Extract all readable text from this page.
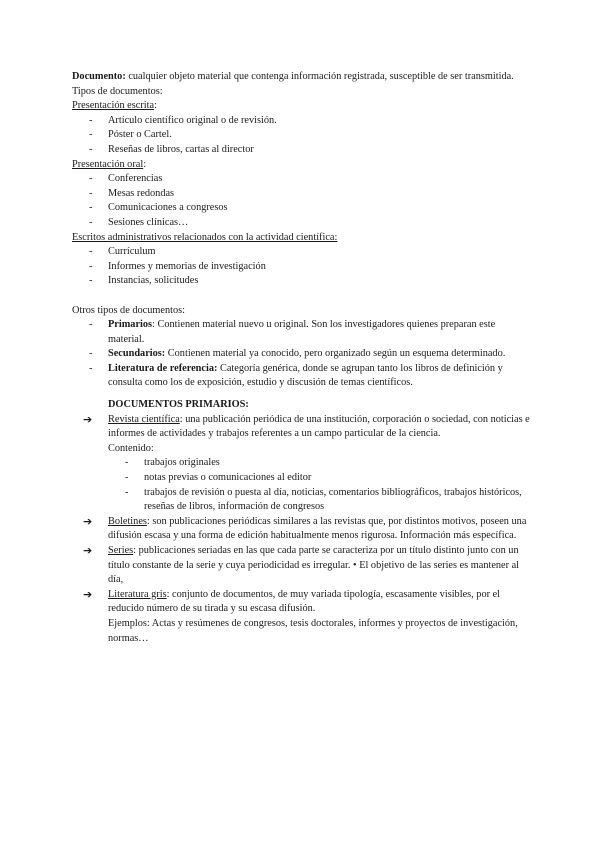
Documento: cualquier objeto material que contenga información registrada, susceptible de ser transmitida.
Tipos de documentos:
Presentación escrita:
- Artículo científico original o de revisión.
- Póster o Cartel.
- Reseñas de libros, cartas al director
Presentación oral:
- Conferencias
- Mesas redondas
- Comunicaciones a congresos
- Sesiones clínicas…
Escritos administrativos relacionados con la actividad científica:
- Currículum
- Informes y memorias de investigación
- Instancias, solicitudes
Otros tipos de documentos:
- Primarios: Contienen material nuevo u original. Son los investigadores quienes preparan este material.
- Secundarios: Contienen material ya conocido, pero organizado según un esquema determinado.
- Literatura de referencia: Categoría genérica, donde se agrupan tanto los libros de definición y consulta como los de exposición, estudio y discusión de temas científicos.
DOCUMENTOS PRIMARIOS:
➔ Revista científica: una publicación periódica de una institución, corporación o sociedad, con noticias e informes de actividades y trabajos referentes a un campo particular de la ciencia.
Contenido:
- trabajos originales
- notas previas o comunicaciones al editor
- trabajos de revisión o puesta al día, noticias, comentarios bibliográficos, trabajos históricos, reseñas de libros, información de congresos
➔ Boletines: son publicaciones periódicas similares a las revistas que, por distintos motivos, poseen una difusión escasa y una forma de edición habitualmente menos rigurosa. Información más específica.
➔ Series: publicaciones seriadas en las que cada parte se caracteriza por un título distinto junto con un título constante de la serie y cuya periodicidad es irregular. • El objetivo de las series es mantener al día,
➔ Literatura gris: conjunto de documentos, de muy variada tipología, escasamente visibles, por el reducido número de su tirada y su escasa difusión.
Ejemplos: Actas y resúmenes de congresos, tesis doctorales, informes y proyectos de investigación, normas…
